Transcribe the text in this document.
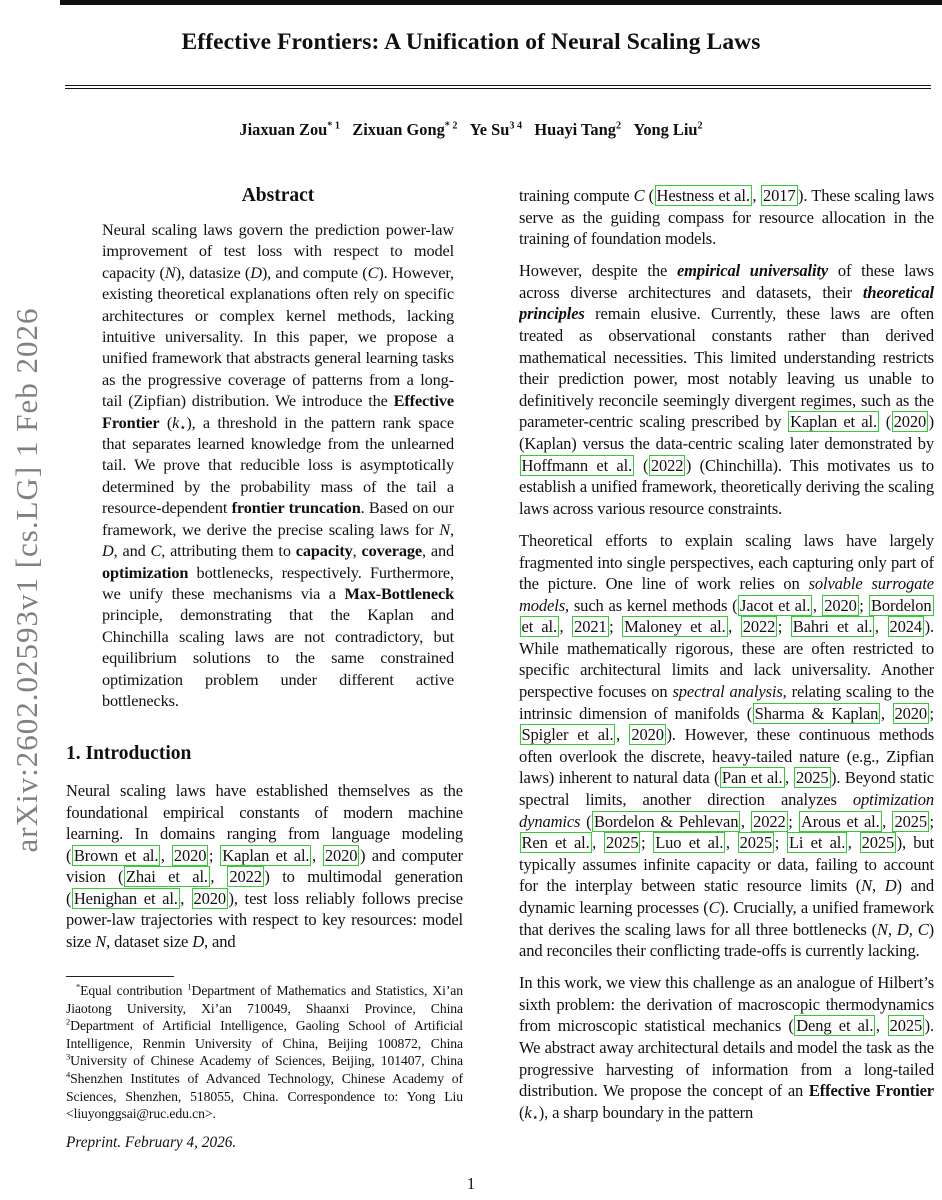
arXiv:2602.02593v1 [cs.LG] 1 Feb 2026
Effective Frontiers: A Unification of Neural Scaling Laws
Jiaxuan Zou$^{* 1}$ Zixuan Gong$^{* 2}$ Ye $Su^{3 4}$ Huayi Tang$^2$ Yong Liu$^2$
Abstract
Neural scaling laws govern the prediction power-law improvement of test loss with respect to model capacity (N), datasize (D), and compute (C). However, existing theoretical explanations often rely on specific architectures or complex kernel methods, lacking intuitive universality. In this paper, we propose a unified framework that abstracts general learning tasks as the progressive coverage of patterns from a long-tail (Zipfian) distribution. We introduce the Effective Frontier (k⋆), a threshold in the pattern rank space that separates learned knowledge from the unlearned tail. We prove that reducible loss is asymptotically determined by the probability mass of the tail a resource-dependent frontier truncation. Based on our framework, we derive the precise scaling laws for N, D, and C, attributing them to capacity, coverage, and optimization bottlenecks, respectively. Furthermore, we unify these mechanisms via a Max-Bottleneck principle, demonstrating that the Kaplan and Chinchilla scaling laws are not contradictory, but equilibrium solutions to the same constrained optimization problem under different active bottlenecks.
1. Introduction
Neural scaling laws have established themselves as the foundational empirical constants of modern machine learning. In domains ranging from language modeling ( Brown et al. , 2020 ; Kaplan et al. , 2020 ) and computer vision ( Zhai et al. , 2022 ) to multimodal generation ( Henighan et al. , 2020 ), test loss reliably follows precise power-law trajectories with respect to key resources: model size N, dataset size D, and

training compute C ( Hestness et al. , 2017 ). These scaling laws serve as the guiding compass for resource allocation in the training of foundation models.

However, despite the empirical universality of these laws across diverse architectures and datasets, their theoretical principles remain elusive. Currently, these laws are often treated as observational constants rather than derived mathematical necessities. This limited understanding restricts their prediction power, most notably leaving us unable to definitively reconcile seemingly divergent regimes, such as the parameter-centric scaling prescribed by Kaplan et al. ( 2020 ) (Kaplan) versus the data-centric scaling later demonstrated by Hoffmann et al. ( 2022 ) (Chinchilla). This motivates us to establish a unified framework, theoretically deriving the scaling laws across various resource constraints.

Theoretical efforts to explain scaling laws have largely fragmented into single perspectives, each capturing only part of the picture. One line of work relies on solvable surrogate models, such as kernel methods ( Jacot et al. , 2020 ; Bordelon et al. , 2021 ; Maloney et al. , 2022 ; Bahri et al. , 2024 ). While mathematically rigorous, these are often restricted to specific architectural limits and lack universality. Another perspective focuses on spectral analysis, relating scaling to the intrinsic dimension of manifolds ( Sharma & Kaplan , 2020 ; Spigler et al. , 2020 ). However, these continuous methods often overlook the discrete, heavy-tailed nature (e.g., Zipfian laws) inherent to natural data ( Pan et al. , 2025 ). Beyond static spectral limits, another direction analyzes optimization dynamics ( Bordelon & Pehlevan , 2022 ; Arous et al. , 2025 ; Ren et al. , 2025 ; Luo et al. , 2025 ; Li et al. , 2025 ), but typically assumes infinite capacity or data, failing to account for the interplay between static resource limits (N, D) and dynamic learning processes (C). Crucially, a unified framework that derives the scaling laws for all three bottlenecks (N, D, C) and reconciles their conflicting trade-offs is currently lacking.

In this work, we view this challenge as an analogue of Hilbert’s sixth problem: the derivation of macroscopic thermodynamics from microscopic statistical mechanics ( Deng et al. , 2025 ). We abstract away architectural details and model the task as the progressive harvesting of information from a long-tailed distribution. We propose the concept of an Effective Frontier (k⋆), a sharp boundary in the pattern

*Equal contribution $^1$Department of Mathematics and Statistics, Xi’an Jiaotong University, Xi’an 710049, Shaanxi Province, China $^2$Department of Artificial Intelligence, Gaoling School of Artificial Intelligence, Renmin University of China, Beijing 100872, China $^3$University of Chinese Academy of Sciences, Beijing, 101407, China $^4$Shenzhen Institutes of Advanced Technology, Chinese Academy of Sciences, Shenzhen, 518055, China. Correspondence to: Yong Liu <liuyonggsai@ruc.edu.cn>.
Preprint. February 4, 2026.
1
